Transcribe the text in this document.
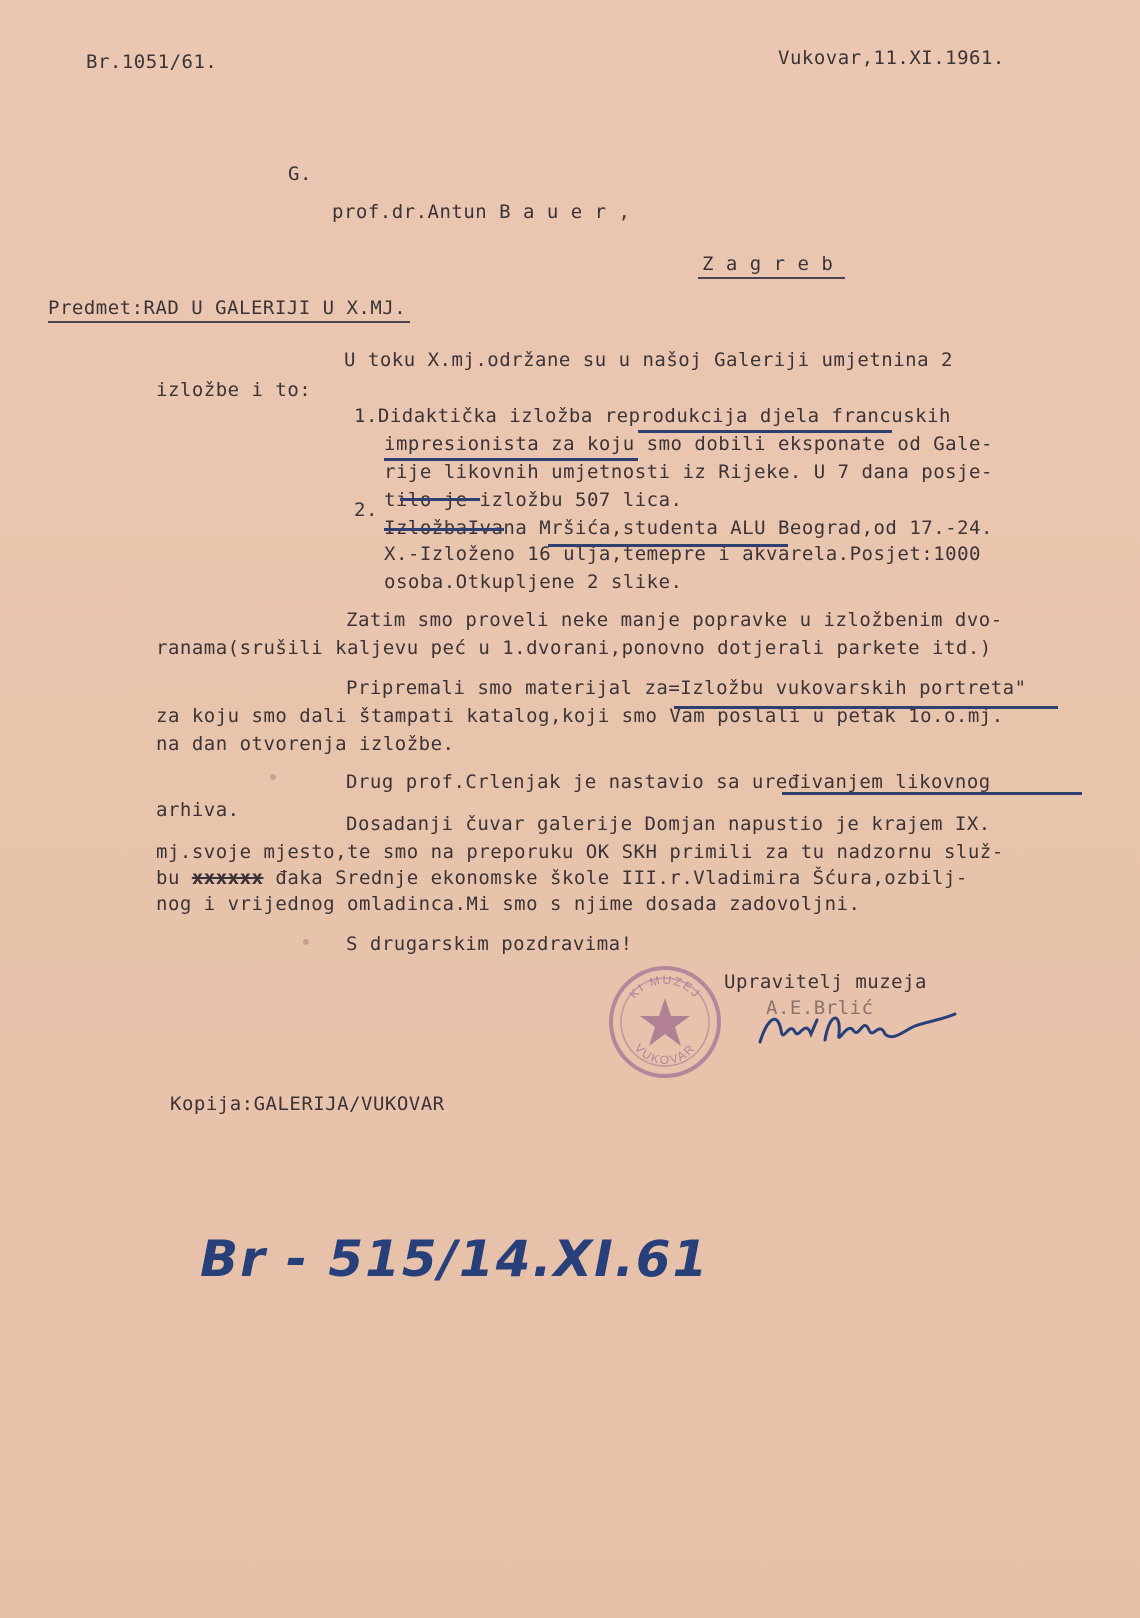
Br.1051/61.	Vukovar,11.XI.1961.
G.
prof.dr.Antun B a u e r ,
Z a g r e b
Predmet:RAD U GALERIJI U X.MJ.
U toku X.mj.održane su u našoj Galeriji umjetnina 2
izložbe i to:
1.Didaktička izložba reprodukcija djela francuskih
impresionista za koju smo dobili eksponate od Gale-
rije likovnih umjetnosti iz Rijeke. U 7 dana posje-
tilo je izložbu 507 lica.
2.
IzložbaIvana Mršića,studenta ALU Beograd,od 17.-24.
X.-Izloženo 16 ulja,temepre i akvarela.Posjet:1000
osoba.Otkupljene 2 slike.
Zatim smo proveli neke manje popravke u izložbenim dvo-
ranama(srušili kaljevu peć u 1.dvorani,ponovno dotjerali parkete itd.)
Pripremali smo materijal za=Izložbu vukovarskih portreta"
za koju smo dali štampati katalog,koji smo Vam poslali u petak 1o.o.mj.
na dan otvorenja izložbe.
Drug prof.Crlenjak je nastavio sa uređivanjem likovnog
arhiva.
Dosadanji čuvar galerije Domjan napustio je krajem IX.
mj.svoje mjesto,te smo na preporuku OK SKH primili za tu nadzornu služ-
bu xxxxxx đaka Srednje ekonomske škole III.r.Vladimira Šćura,ozbilj-
nog i vrijednog omladinca.Mi smo s njime dosada zadovoljni.
S drugarskim pozdravima!
Upravitelj muzeja
A.E.Brlić
Kopija:GALERIJA/VUKOVAR
KI MUZEJ
VUKOVAR
Br - 515/14.XI.61
